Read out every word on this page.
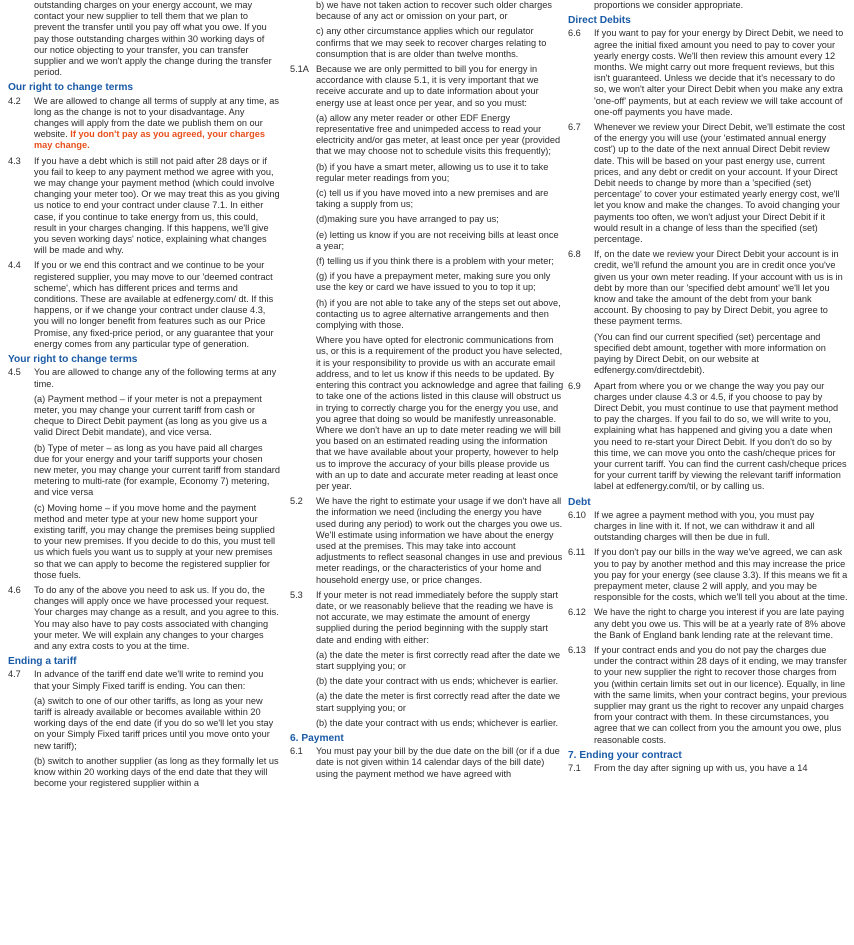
outstanding charges on your energy account, we may contact your new supplier to tell them that we plan to prevent the transfer until you pay off what you owe. If you pay those outstanding charges within 30 working days of our notice objecting to your transfer, you can transfer supplier and we won't apply the change during the transfer period.
Our right to change terms
4.2	We are allowed to change all terms of supply at any time, as long as the change is not to your disadvantage. Any changes will apply from the date we publish them on our website. If you don't pay as you agreed, your charges may change.
4.3	If you have a debt which is still not paid after 28 days or if you fail to keep to any payment method we agree with you, we may change your payment method (which could involve changing your meter too). Or we may treat this as you giving us notice to end your contract under clause 7.1. In either case, if you continue to take energy from us, this could, result in your charges changing. If this happens, we'll give you seven working days' notice, explaining what changes will be made and why.
4.4	If you or we end this contract and we continue to be your registered supplier, you may move to our 'deemed contract scheme', which has different prices and terms and conditions. These are available at edfenergy.com/ dt. If this happens, or if we change your contract under clause 4.3, you will no longer benefit from features such as our Price Promise, any fixed-price period, or any guarantee that your energy comes from any particular type of generation.
Your right to change terms
4.5	You are allowed to change any of the following terms at any time.

(a) Payment method – if your meter is not a prepayment meter, you may change your current tariff from cash or cheque to Direct Debit payment (as long as you give us a valid Direct Debit mandate), and vice versa.

(b) Type of meter – as long as you have paid all charges due for your energy and your tariff supports your chosen new meter, you may change your current tariff from standard metering to multi-rate (for example, Economy 7) metering, and vice versa

(c) Moving home – if you move home and the payment method and meter type at your new home support your existing tariff, you may change the premises being supplied to your new premises. If you decide to do this, you must tell us which fuels you want us to supply at your new premises so that we can apply to become the registered supplier for those fuels.

4.6	To do any of the above you need to ask us. If you do, the changes will apply once we have processed your request. Your charges may change as a result, and you agree to this. You may also have to pay costs associated with changing your meter. We will explain any changes to your charges and any extra costs to you at the time.
Ending a tariff
4.7	In advance of the tariff end date we'll write to remind you that your Simply Fixed tariff is ending. You can then:

(a) switch to one of our other tariffs, as long as your new tariff is already available or becomes available within 20 working days of the end date (if you do so we'll let you stay on your Simply Fixed tariff prices until you move onto your new tariff);

(b) switch to another supplier (as long as they formally let us know within 20 working days of the end date that they will become your registered supplier within a

b) we have not taken action to recover such older charges because of any act or omission on your part, or
c) any other circumstance applies which our regulator confirms that we may seek to recover charges relating to consumption that is are older than twelve months.
5.1A Because we are only permitted to bill you for energy in accordance with clause 5.1, it is very important that we receive accurate and up to date information about your energy use at least once per year, and so you must:

(a) allow any meter reader or other EDF Energy representative free and unimpeded access to read your electricity and/or gas meter, at least once per year (provided that we may choose not to schedule visits this frequently);

(b) if you have a smart meter, allowing us to use it to take regular meter readings from you;

(c) tell us if you have moved into a new premises and are taking a supply from us;

(d)making sure you have arranged to pay us;

(e) letting us know if you are not receiving bills at least once a year;

(f) telling us if you think there is a problem with your meter;

(g) if you have a prepayment meter, making sure you only use the key or card we have issued to you to top it up;

(h) if you are not able to take any of the steps set out above, contacting us to agree alternative arrangements and then complying with those.

Where you have opted for electronic communications from us, or this is a requirement of the product you have selected, it is your responsibility to provide us with an accurate email address, and to let us know if this needs to be updated. By entering this contract you acknowledge and agree that failing to take one of the actions listed in this clause will obstruct us in trying to correctly charge you for the energy you use, and you agree that doing so would be manifestly unreasonable. Where we don't have an up to date meter reading we will bill you based on an estimated reading using the information that we have available about your property, however to help us to improve the accuracy of your bills please provide us with an up to date and accurate meter reading at least once per year.

5.2	We have the right to estimate your usage if we don't have all the information we need (including the energy you have used during any period) to work out the charges you owe us. We'll estimate using information we have about the energy used at the premises. This may take into account adjustments to reflect seasonal changes in use and previous meter readings, or the characteristics of your home and household energy use, or price changes.
5.3	If your meter is not read immediately before the supply start date, or we reasonably believe that the reading we have is not accurate, we may estimate the amount of energy supplied during the period beginning with the supply start date and ending with either:

(a) the date the meter is first correctly read after the date we start supplying you; or

(b) the date your contract with us ends; whichever is earlier.

(a) the date the meter is first correctly read after the date we start supplying you; or

(b) the date your contract with us ends; whichever is earlier.

6. Payment
6.1	You must pay your bill by the due date on the bill (or if a due date is not given within 14 calendar days of the bill date) using the payment method we have agreed with
proportions we consider appropriate.
Direct Debits
6.6	If you want to pay for your energy by Direct Debit, we need to agree the initial fixed amount you need to pay to cover your yearly energy costs. We'll then review this amount every 12 months. We might carry out more frequent reviews, but this isn't guaranteed. Unless we decide that it's necessary to do so, we won't alter your Direct Debit when you make any extra 'one-off' payments, but at each review we will take account of one-off payments you have made.
6.7	Whenever we review your Direct Debit, we'll estimate the cost of the energy you will use (your 'estimated annual energy cost') up to the date of the next annual Direct Debit review date. This will be based on your past energy use, current prices, and any debt or credit on your account. If your Direct Debit needs to change by more than a 'specified (set) percentage' to cover your estimated yearly energy cost, we'll let you know and make the changes. To avoid changing your payments too often, we won't adjust your Direct Debit if it would result in a change of less than the specified (set) percentage.
6.8	If, on the date we review your Direct Debit your account is in credit, we'll refund the amount you are in credit once you've given us your own meter reading. If your account with us is in debt by more than our 'specified debt amount' we'll let you know and take the amount of the debt from your bank account. By choosing to pay by Direct Debit, you agree to these payment terms.

(You can find our current specified (set) percentage and specified debt amount, together with more information on paying by Direct Debit, on our website at edfenergy.com/directdebit).

6.9	Apart from where you or we change the way you pay our charges under clause 4.3 or 4.5, if you choose to pay by Direct Debit, you must continue to use that payment method to pay the charges. If you fail to do so, we will write to you, explaining what has happened and giving you a date when you need to re-start your Direct Debit. If you don't do so by this time, we can move you onto the cash/cheque prices for your current tariff. You can find the current cash/cheque prices for your current tariff by viewing the relevant tariff information label at edfenergy.com/til, or by calling us.
Debt
6.10 If we agree a payment method with you, you must pay charges in line with it. If not, we can withdraw it and all outstanding charges will then be due in full.
6.11 If you don't pay our bills in the way we've agreed, we can ask you to pay by another method and this may increase the price you pay for your energy (see clause 3.3). If this means we fit a prepayment meter, clause 2 will apply, and you may be responsible for the costs, which we'll tell you about at the time.
6.12 We have the right to charge you interest if you are late paying any debt you owe us. This will be at a yearly rate of 8% above the Bank of England bank lending rate at the relevant time.
6.13 If your contract ends and you do not pay the charges due under the contract within 28 days of it ending, we may transfer to your new supplier the right to recover those charges from you (within certain limits set out in our licence). Equally, in line with the same limits, when your contract begins, your previous supplier may grant us the right to recover any unpaid charges from your contract with them. In these circumstances, you agree that we can collect from you the amount you owe, plus reasonable costs.
7. Ending your contract
7.1	From the day after signing up with us, you have a 14
